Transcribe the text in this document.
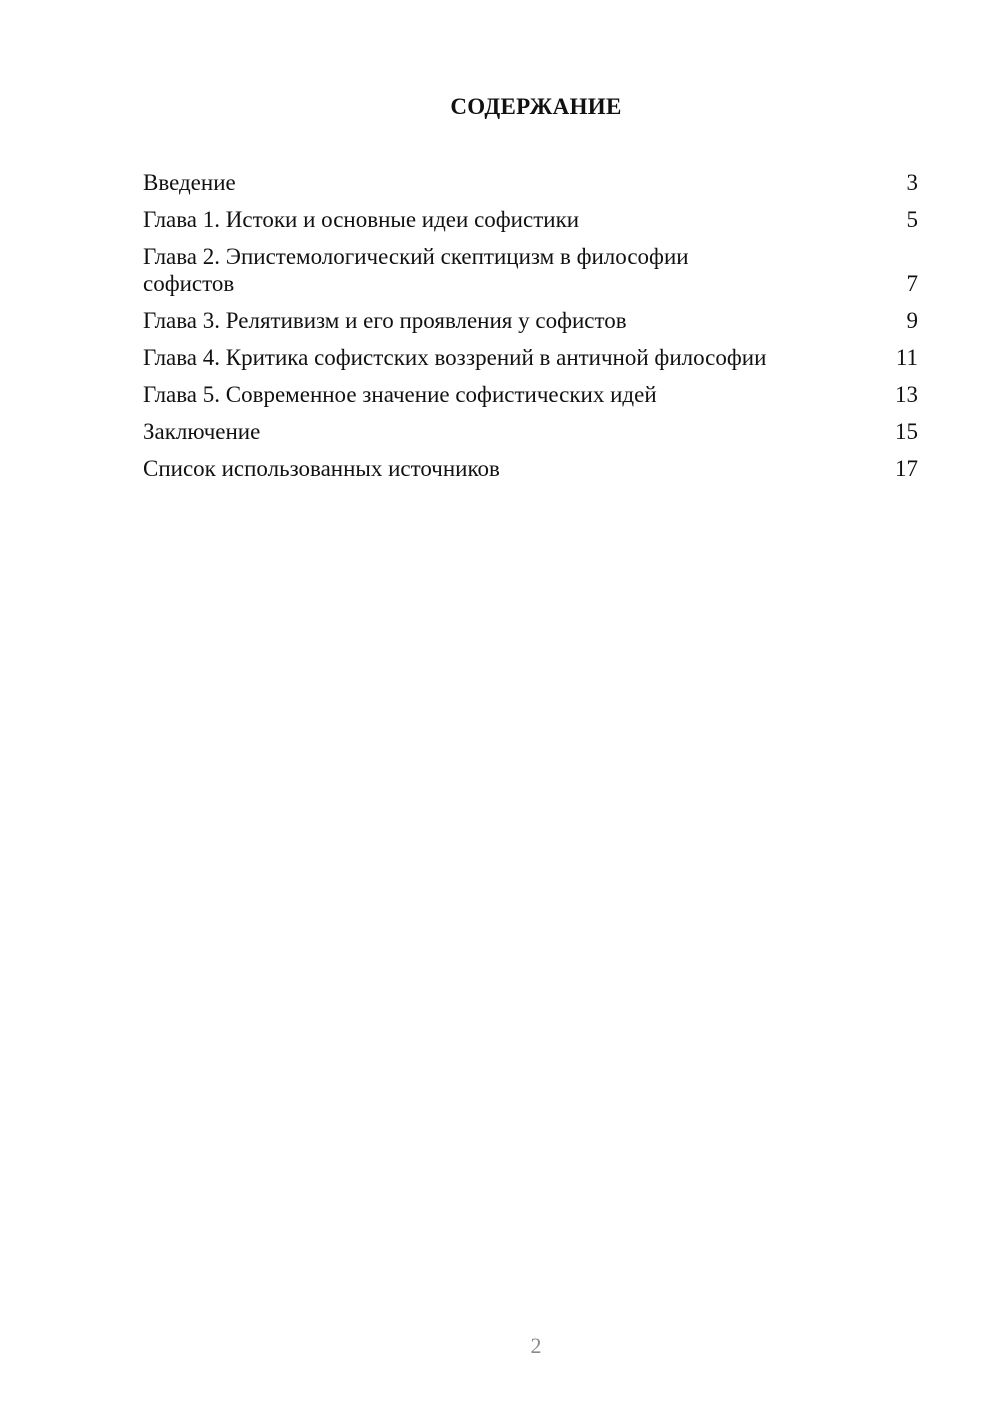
СОДЕРЖАНИЕ
Введение	3
Глава 1. Истоки и основные идеи софистики	5
Глава 2. Эпистемологический скептицизм в философии софистов	7
Глава 3. Релятивизм и его проявления у софистов	9
Глава 4. Критика софистских воззрений в античной философии	11
Глава 5. Современное значение софистических идей	13
Заключение	15
Список использованных источников	17
2
